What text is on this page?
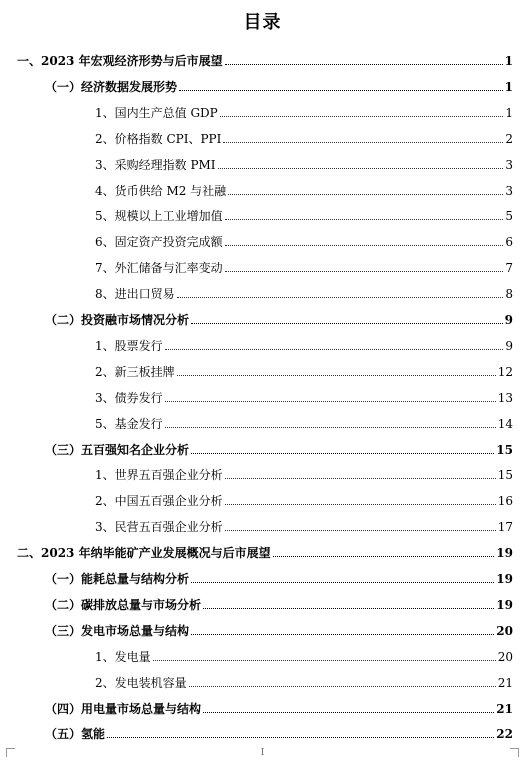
目录
一、2023 年宏观经济形势与后市展望	1
（一）经济数据发展形势	1
1、国内生产总值 GDP	1
2、价格指数 CPI、PPI	2
3、采购经理指数 PMI	3
4、货币供给 M2 与社融	3
5、规模以上工业增加值	5
6、固定资产投资完成额	6
7、外汇储备与汇率变动	7
8、进出口贸易	8
（二）投资融市场情况分析	9
1、股票发行	9
2、新三板挂牌	12
3、债券发行	13
5、基金发行	14
（三）五百强知名企业分析	15
1、世界五百强企业分析	15
2、中国五百强企业分析	16
3、民营五百强企业分析	17
二、2023 年纳毕能矿产业发展概况与后市展望	19
（一）能耗总量与结构分析	19
（二）碳排放总量与市场分析	19
（三）发电市场总量与结构	20
1、发电量	20
2、发电装机容量	21
（四）用电量市场总量与结构	21
（五）氢能	22
I
